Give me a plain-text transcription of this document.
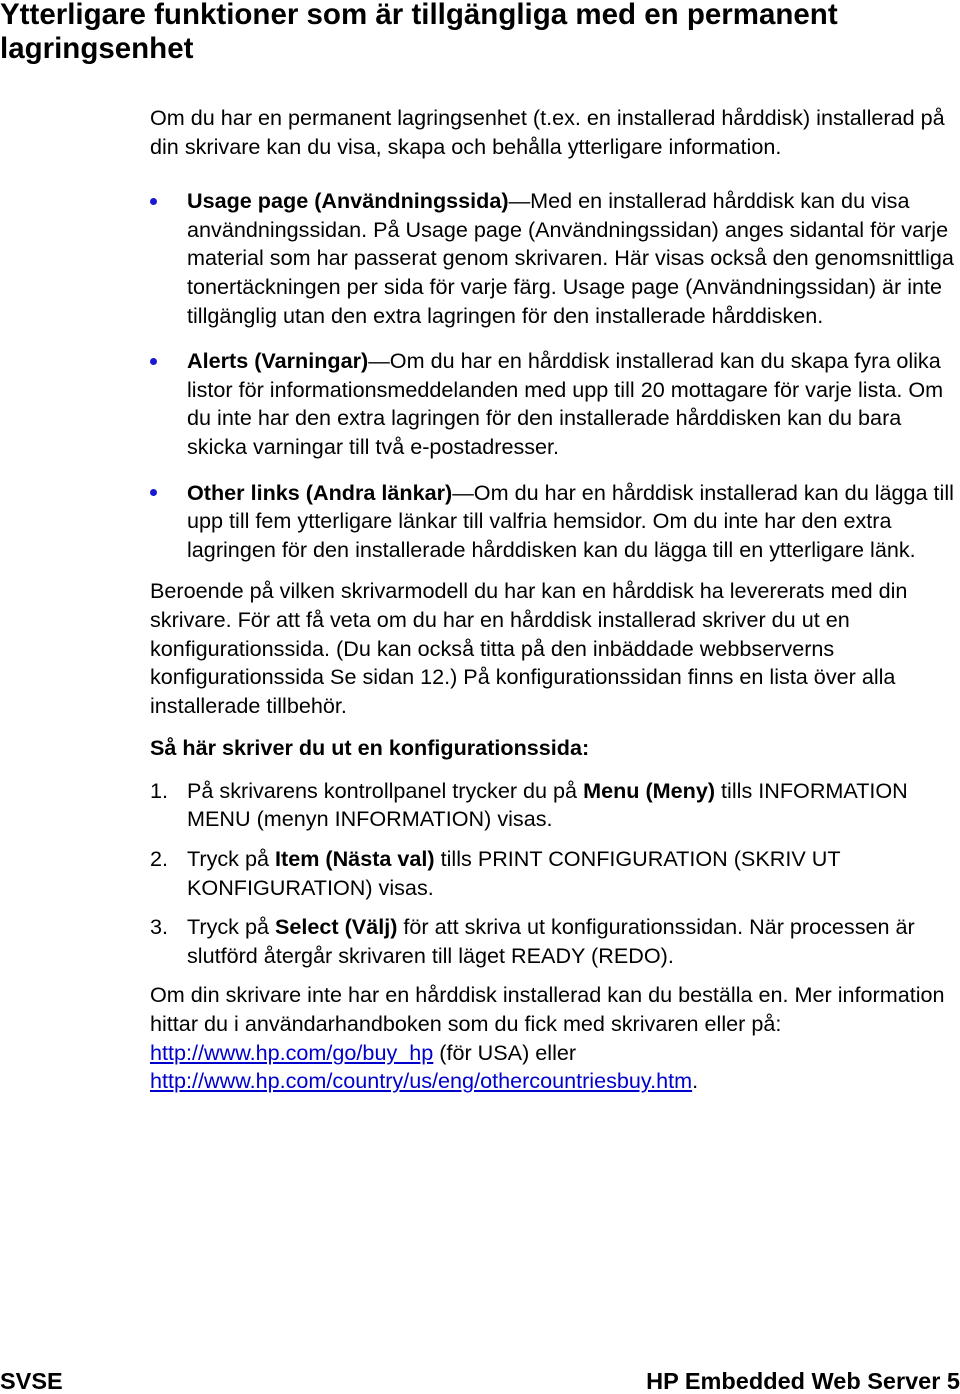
Ytterligare funktioner som är tillgängliga med en permanent lagringsenhet

Om du har en permanent lagringsenhet (t.ex. en installerad hårddisk) installerad på din skrivare kan du visa, skapa och behålla ytterligare information.

Usage page (Användningssida)—Med en installerad hårddisk kan du visa användningssidan. På Usage page (Användningssidan) anges sidantal för varje material som har passerat genom skrivaren. Här visas också den genomsnittliga tonertäckningen per sida för varje färg. Usage page (Användningssidan) är inte tillgänglig utan den extra lagringen för den installerade hårddisken.
Alerts (Varningar)—Om du har en hårddisk installerad kan du skapa fyra olika listor för informationsmeddelanden med upp till 20 mottagare för varje lista. Om du inte har den extra lagringen för den installerade hårddisken kan du bara skicka varningar till två e-postadresser.
Other links (Andra länkar)—Om du har en hårddisk installerad kan du lägga till upp till fem ytterligare länkar till valfria hemsidor. Om du inte har den extra lagringen för den installerade hårddisken kan du lägga till en ytterligare länk.

Beroende på vilken skrivarmodell du har kan en hårddisk ha levererats med din skrivare. För att få veta om du har en hårddisk installerad skriver du ut en konfigurationssida. (Du kan också titta på den inbäddade webbserverns konfigurationssida Se sidan 12.) På konfigurationssidan finns en lista över alla installerade tillbehör.

Så här skriver du ut en konfigurationssida:

1. På skrivarens kontrollpanel trycker du på Menu (Meny) tills INFORMATION MENU (menyn INFORMATION) visas.
2. Tryck på Item (Nästa val) tills PRINT CONFIGURATION (SKRIV UT KONFIGURATION) visas.
3. Tryck på Select (Välj) för att skriva ut konfigurationssidan. När processen är slutförd återgår skrivaren till läget READY (REDO).

Om din skrivare inte har en hårddisk installerad kan du beställa en. Mer information hittar du i användarhandboken som du fick med skrivaren eller på: http://www.hp.com/go/buy_hp (för USA) eller http://www.hp.com/country/us/eng/othercountriesbuy.htm.

SVSE	HP Embedded Web Server 5
